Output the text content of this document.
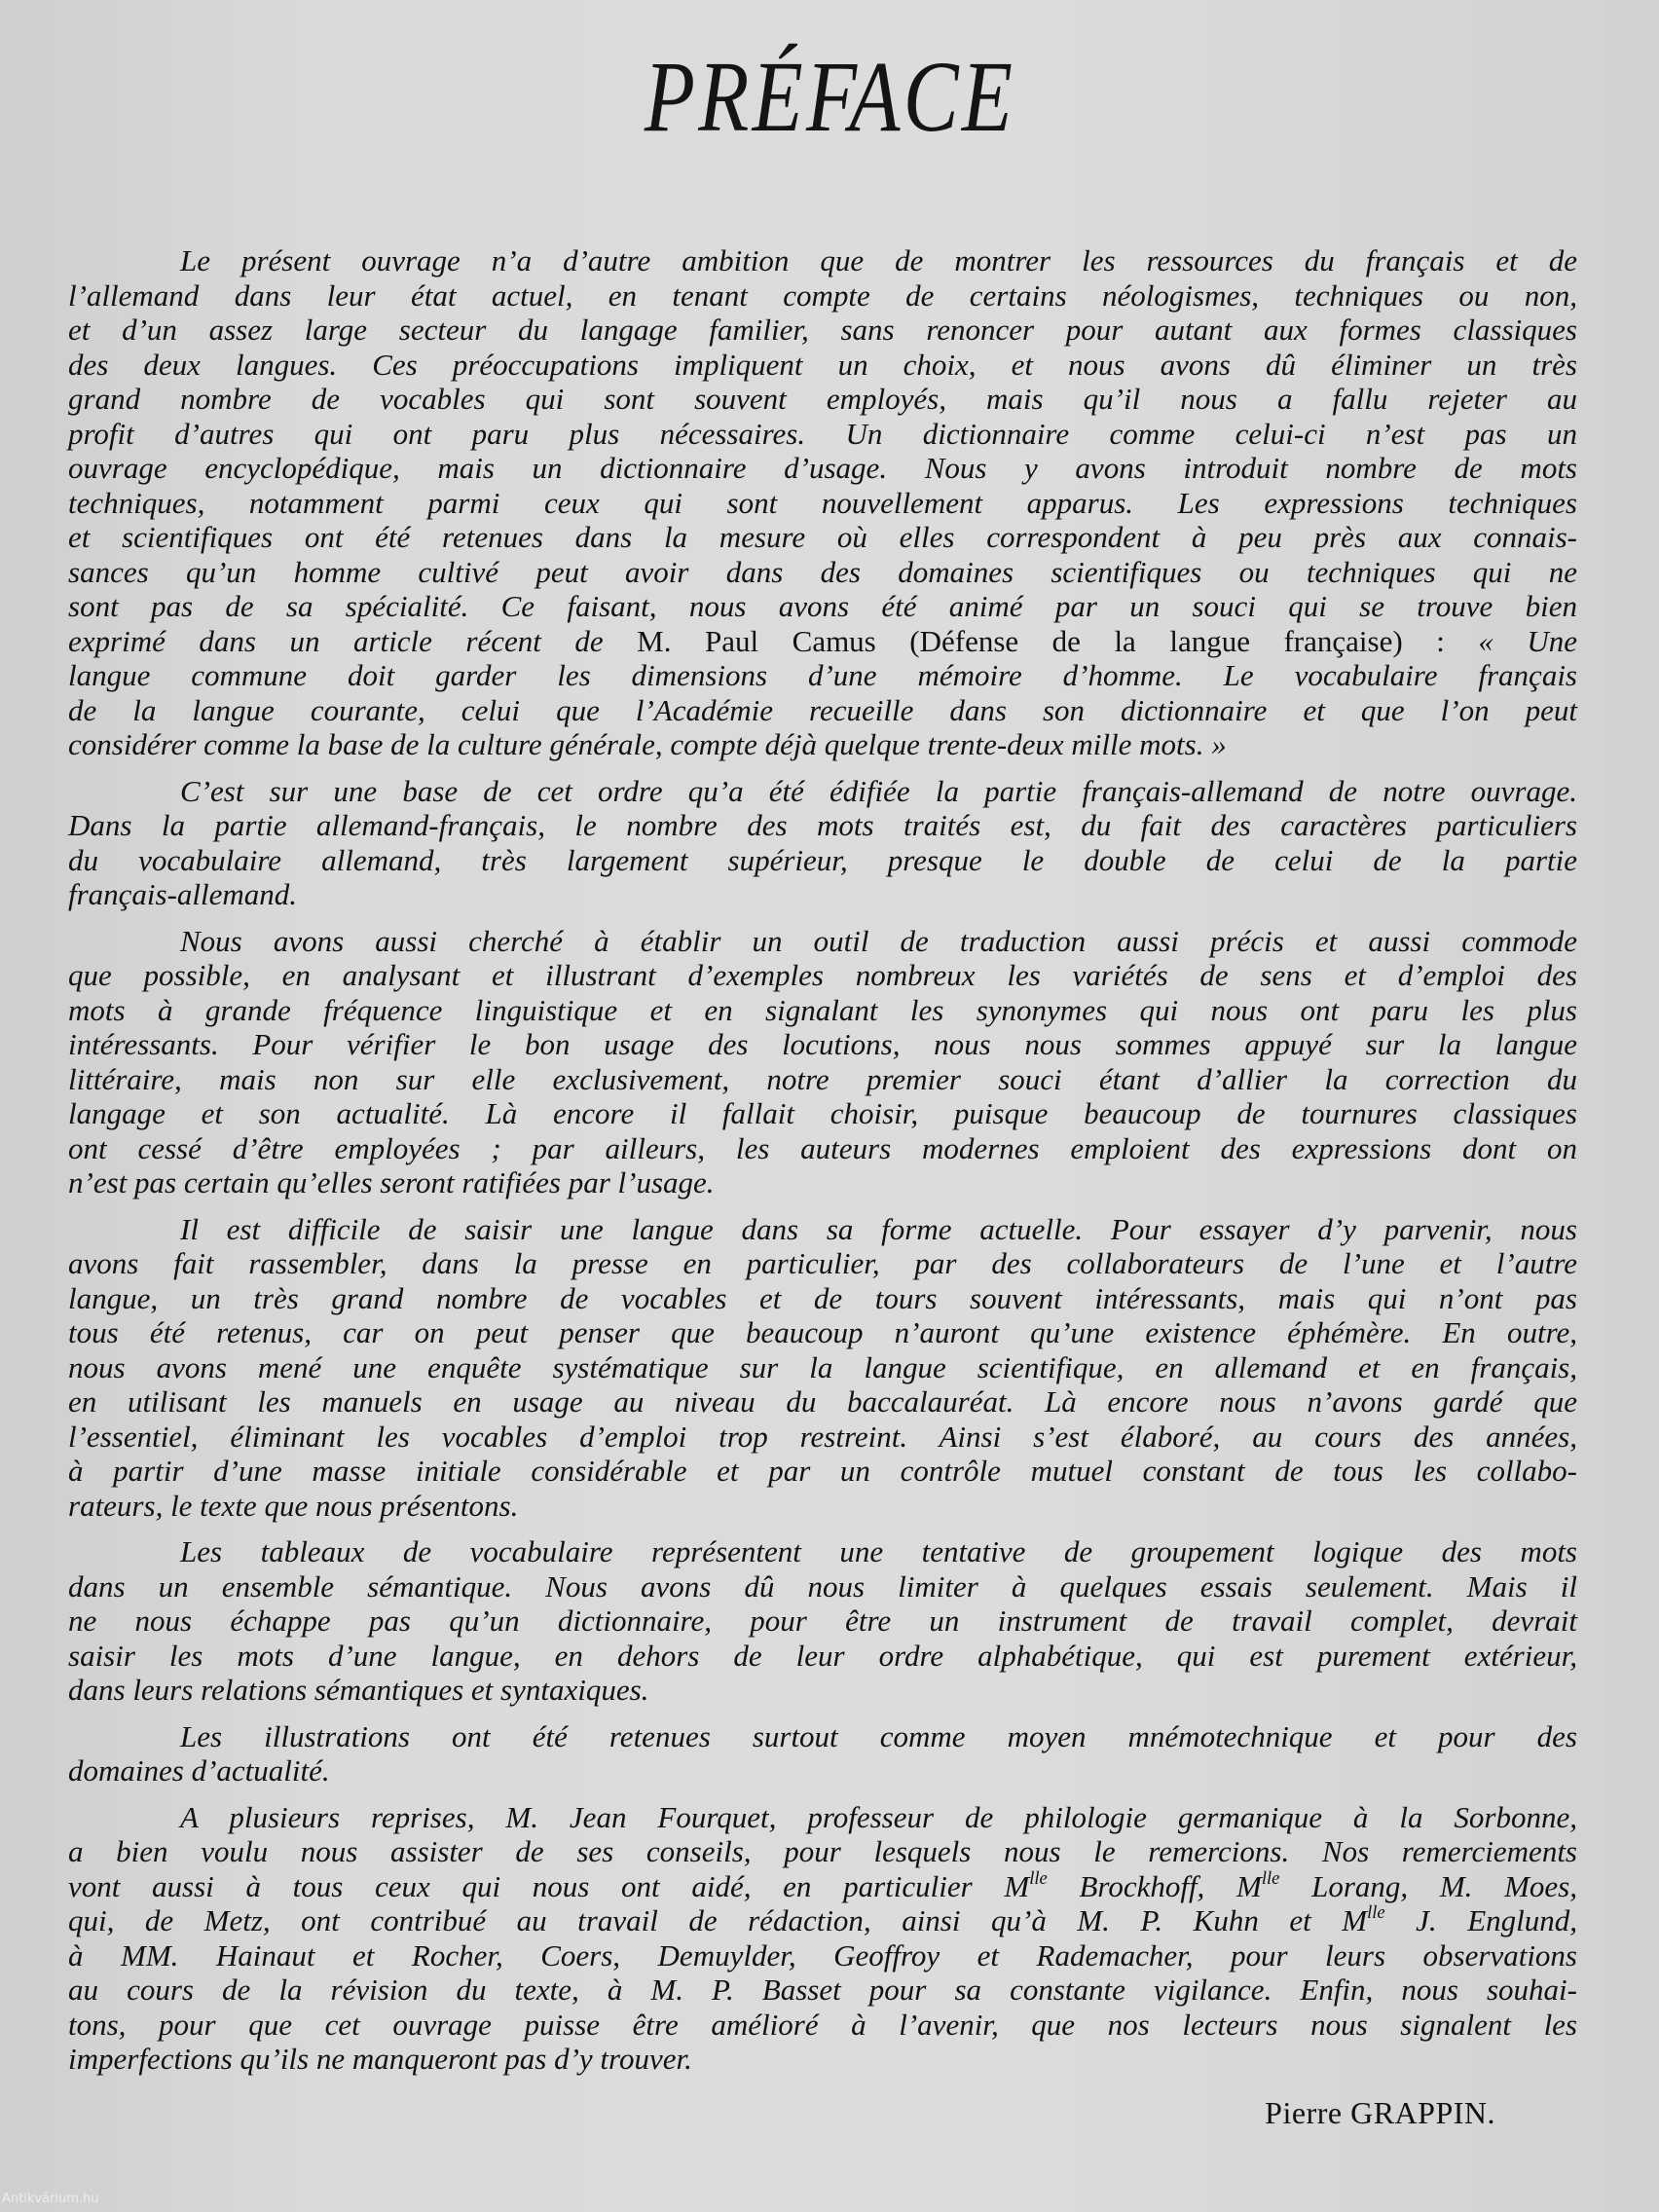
PRÉFACE
Le présent ouvrage n’a d’autre ambition que de montrer les ressources du français et de
l’allemand dans leur état actuel, en tenant compte de certains néologismes, techniques ou non,
et d’un assez large secteur du langage familier, sans renoncer pour autant aux formes classiques
des deux langues. Ces préoccupations impliquent un choix, et nous avons dû éliminer un très
grand nombre de vocables qui sont souvent employés, mais qu’il nous a fallu rejeter au
profit d’autres qui ont paru plus nécessaires. Un dictionnaire comme celui-ci n’est pas un
ouvrage encyclopédique, mais un dictionnaire d’usage. Nous y avons introduit nombre de mots
techniques, notamment parmi ceux qui sont nouvellement apparus. Les expressions techniques
et scientifiques ont été retenues dans la mesure où elles correspondent à peu près aux connais-
sances qu’un homme cultivé peut avoir dans des domaines scientifiques ou techniques qui ne
sont pas de sa spécialité. Ce faisant, nous avons été animé par un souci qui se trouve bien
exprimé dans un article récent de M. Paul Camus (Défense de la langue française) : « Une
langue commune doit garder les dimensions d’une mémoire d’homme. Le vocabulaire français
de la langue courante, celui que l’Académie recueille dans son dictionnaire et que l’on peut
considérer comme la base de la culture générale, compte déjà quelque trente-deux mille mots. »
C’est sur une base de cet ordre qu’a été édifiée la partie français-allemand de notre ouvrage.
Dans la partie allemand-français, le nombre des mots traités est, du fait des caractères particuliers
du vocabulaire allemand, très largement supérieur, presque le double de celui de la partie
français-allemand.
Nous avons aussi cherché à établir un outil de traduction aussi précis et aussi commode
que possible, en analysant et illustrant d’exemples nombreux les variétés de sens et d’emploi des
mots à grande fréquence linguistique et en signalant les synonymes qui nous ont paru les plus
intéressants. Pour vérifier le bon usage des locutions, nous nous sommes appuyé sur la langue
littéraire, mais non sur elle exclusivement, notre premier souci étant d’allier la correction du
langage et son actualité. Là encore il fallait choisir, puisque beaucoup de tournures classiques
ont cessé d’être employées ; par ailleurs, les auteurs modernes emploient des expressions dont on
n’est pas certain qu’elles seront ratifiées par l’usage.
Il est difficile de saisir une langue dans sa forme actuelle. Pour essayer d’y parvenir, nous
avons fait rassembler, dans la presse en particulier, par des collaborateurs de l’une et l’autre
langue, un très grand nombre de vocables et de tours souvent intéressants, mais qui n’ont pas
tous été retenus, car on peut penser que beaucoup n’auront qu’une existence éphémère. En outre,
nous avons mené une enquête systématique sur la langue scientifique, en allemand et en français,
en utilisant les manuels en usage au niveau du baccalauréat. Là encore nous n’avons gardé que
l’essentiel, éliminant les vocables d’emploi trop restreint. Ainsi s’est élaboré, au cours des années,
à partir d’une masse initiale considérable et par un contrôle mutuel constant de tous les collabo-
rateurs, le texte que nous présentons.
Les tableaux de vocabulaire représentent une tentative de groupement logique des mots
dans un ensemble sémantique. Nous avons dû nous limiter à quelques essais seulement. Mais il
ne nous échappe pas qu’un dictionnaire, pour être un instrument de travail complet, devrait
saisir les mots d’une langue, en dehors de leur ordre alphabétique, qui est purement extérieur,
dans leurs relations sémantiques et syntaxiques.
Les illustrations ont été retenues surtout comme moyen mnémotechnique et pour des
domaines d’actualité.
A plusieurs reprises, M. Jean Fourquet, professeur de philologie germanique à la Sorbonne,
a bien voulu nous assister de ses conseils, pour lesquels nous le remercions. Nos remerciements
vont aussi à tous ceux qui nous ont aidé, en particulier $M^{lle}$ Brockhoff, $M^{lle}$ Lorang, M. Moes,
qui, de Metz, ont contribué au travail de rédaction, ainsi qu’à M. P. Kuhn et $M^{lle}$ J. Englund,
à MM. Hainaut et Rocher, Coers, Demuylder, Geoffroy et Rademacher, pour leurs observations
au cours de la révision du texte, à M. P. Basset pour sa constante vigilance. Enfin, nous souhai-
tons, pour que cet ouvrage puisse être amélioré à l’avenir, que nos lecteurs nous signalent les
imperfections qu’ils ne manqueront pas d’y trouver.
Pierre GRAPPIN.
Antikvárium.hu
